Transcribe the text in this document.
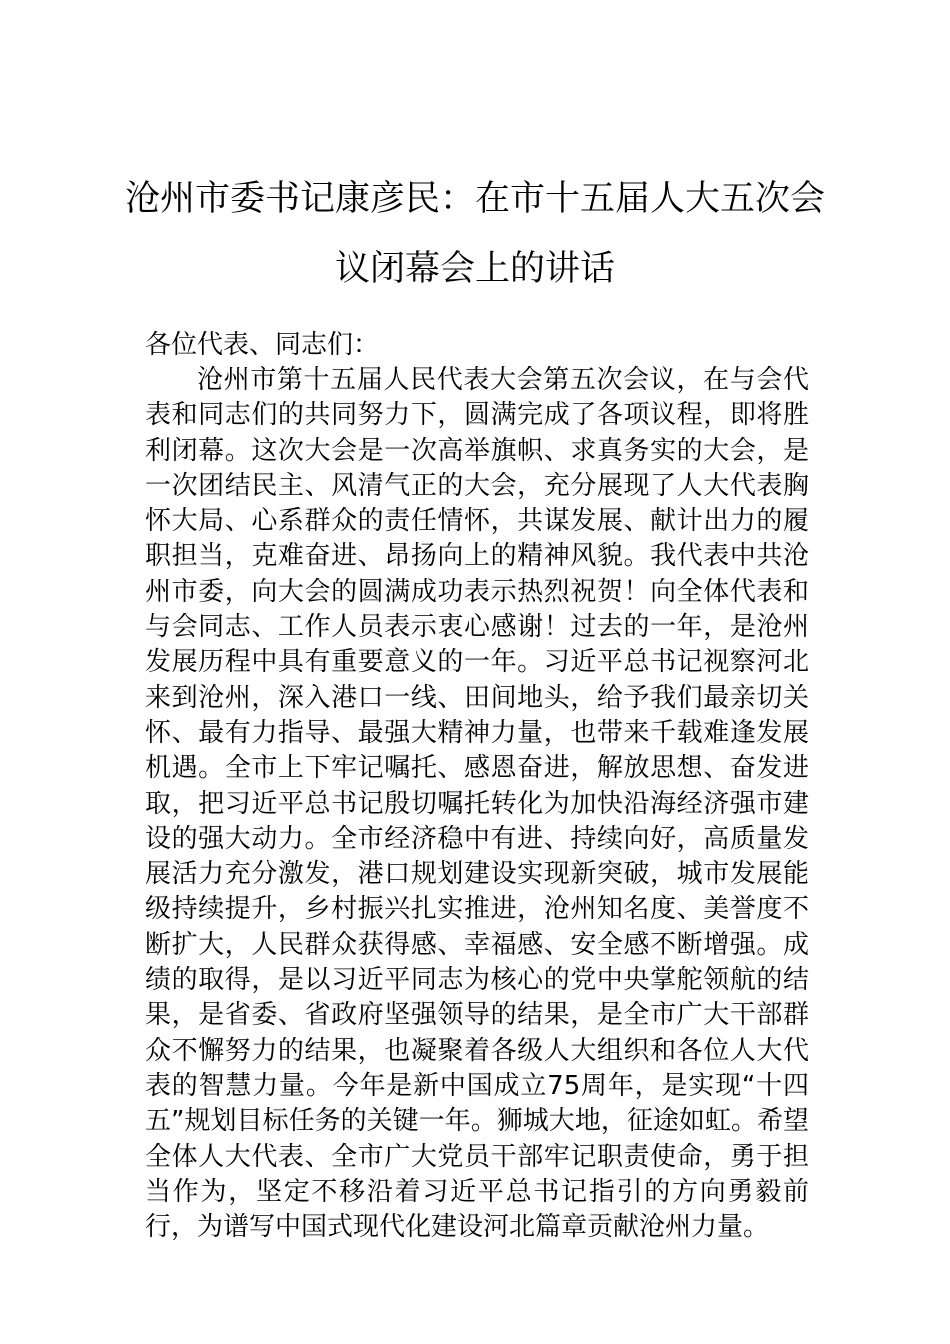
沧州市委书记康彦民：在市十五届人大五次会议闭幕会上的讲话

各位代表、同志们：

沧州市第十五届人民代表大会第五次会议，在与会代表和同志们的共同努力下，圆满完成了各项议程，即将胜利闭幕。这次大会是一次高举旗帜、求真务实的大会，是一次团结民主、风清气正的大会，充分展现了人大代表胸怀大局、心系群众的责任情怀，共谋发展、献计出力的履职担当，克难奋进、昂扬向上的精神风貌。我代表中共沧州市委，向大会的圆满成功表示热烈祝贺！向全体代表和与会同志、工作人员表示衷心感谢！过去的一年，是沧州发展历程中具有重要意义的一年。习近平总书记视察河北来到沧州，深入港口一线、田间地头，给予我们最亲切关怀、最有力指导、最强大精神力量，也带来千载难逢发展机遇。全市上下牢记嘱托、感恩奋进，解放思想、奋发进取，把习近平总书记殷切嘱托转化为加快沿海经济强市建设的强大动力。全市经济稳中有进、持续向好，高质量发展活力充分激发，港口规划建设实现新突破，城市发展能级持续提升，乡村振兴扎实推进，沧州知名度、美誉度不断扩大，人民群众获得感、幸福感、安全感不断增强。成绩的取得，是以习近平同志为核心的党中央掌舵领航的结果，是省委、省政府坚强领导的结果，是全市广大干部群众不懈努力的结果，也凝聚着各级人大组织和各位人大代表的智慧力量。今年是新中国成立75周年，是实现“十四五”规划目标任务的关键一年。狮城大地，征途如虹。希望全体人大代表、全市广大党员干部牢记职责使命，勇于担当作为，坚定不移沿着习近平总书记指引的方向勇毅前行，为谱写中国式现代化建设河北篇章贡献沧州力量。
